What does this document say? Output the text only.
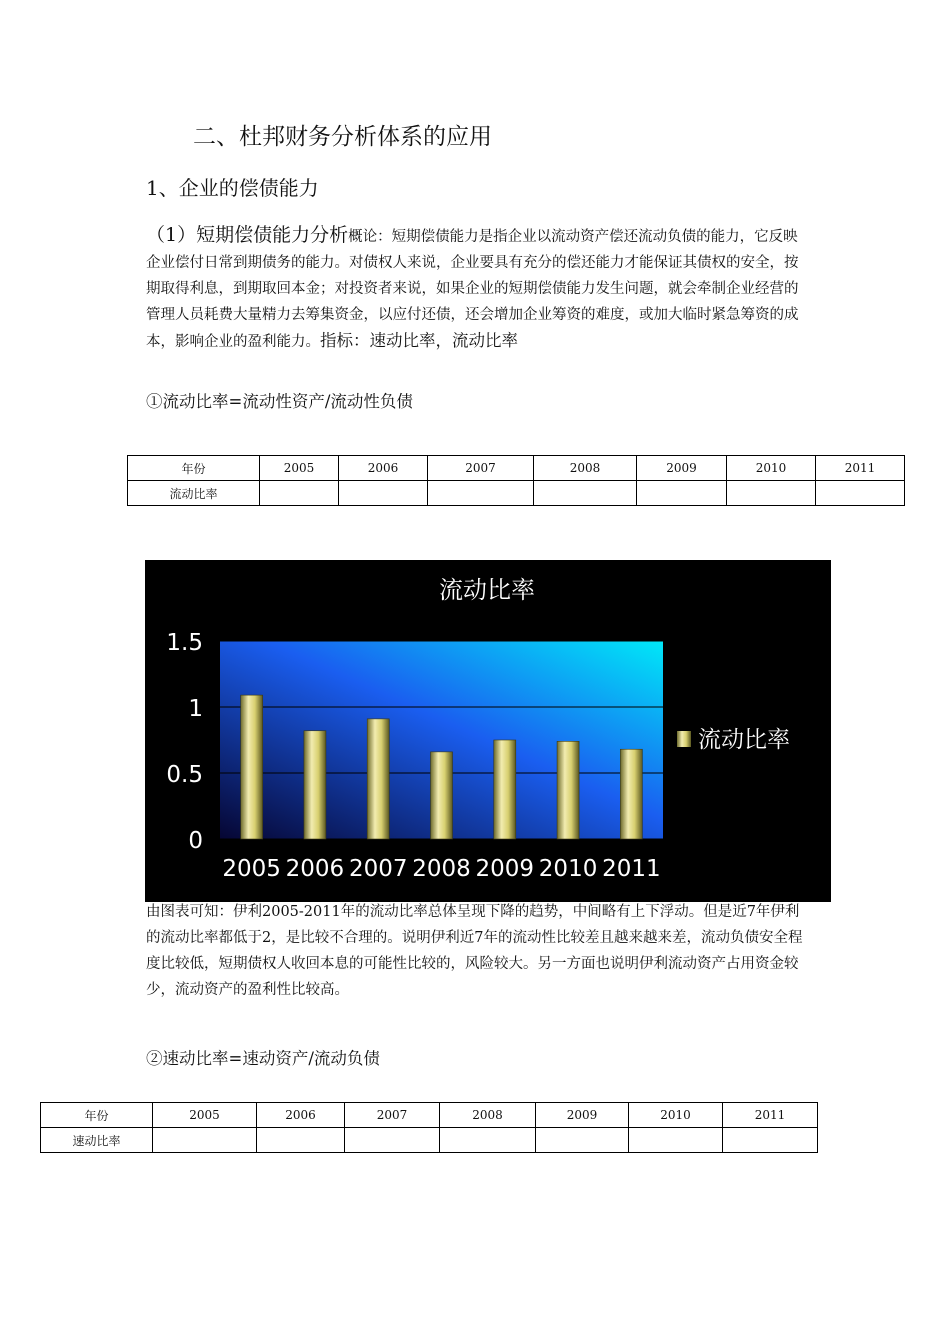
二、杜邦财务分析体系的应用
1、企业的偿债能力
（1）短期偿债能力分析概论：短期偿债能力是指企业以流动资产偿还流动负债的能力，它反映企业偿付日常到期债务的能力。对债权人来说，企业要具有充分的偿还能力才能保证其债权的安全，按期取得利息，到期取回本金；对投资者来说，如果企业的短期偿债能力发生问题，就会牵制企业经营的管理人员耗费大量精力去筹集资金，以应付还债，还会增加企业筹资的难度，或加大临时紧急筹资的成本，影响企业的盈利能力。指标：速动比率，流动比率
①流动比率=流动性资产/流动性负债
年份	2005	2006	2007	2008	2009	2010	2011
流动比率							
流动比率
1.5
1
0.5
0
2005 2006 2007 2008 2009 2010 2011
流动比率
由图表可知：伊利2005-2011年的流动比率总体呈现下降的趋势，中间略有上下浮动。但是近7年伊利的流动比率都低于2，是比较不合理的。说明伊利近7年的流动性比较差且越来越来差，流动负债安全程度比较低，短期债权人收回本息的可能性比较的，风险较大。另一方面也说明伊利流动资产占用资金较少，流动资产的盈利性比较高。
②速动比率=速动资产/流动负债
年份	2005	2006	2007	2008	2009	2010	2011
速动比率							
